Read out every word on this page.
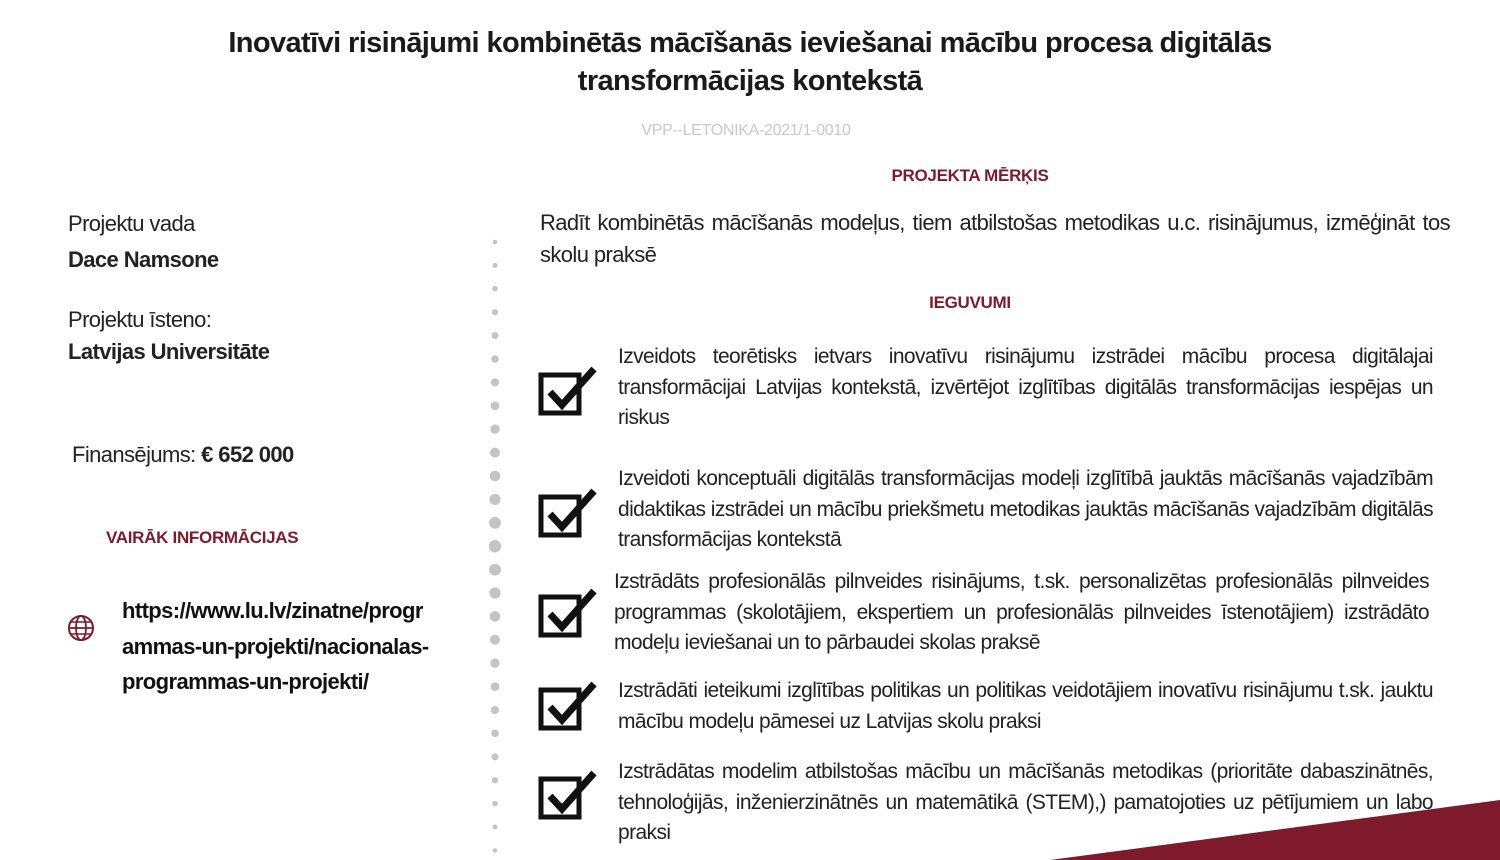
Inovatīvi risinājumi kombinētās mācīšanās ieviešanai mācību procesa digitālās transformācijas kontekstā
VPP--LETONIKA-2021/1-0010
Projektu vada
Dace Namsone
Projektu īsteno:
Latvijas Universitāte
Finansējums: € 652 000
VAIRĀK INFORMĀCIJAS
https://www.lu.lv/zinatne/programmas-un-projekti/nacionalas-programmas-un-projekti/
PROJEKTA MĒRĶIS
Radīt kombinētās mācīšanās modeļus, tiem atbilstošas metodikas u.c. risinājumus, izmēģināt tos skolu praksē
IEGUVUMI
Izveidots teorētisks ietvars inovatīvu risinājumu izstrādei mācību procesa digitālajai transformācijai Latvijas kontekstā, izvērtējot izglītības digitālās transformācijas iespējas un riskus
Izveidoti konceptuāli digitālās transformācijas modeļi izglītībā jauktās mācīšanās vajadzībām didaktikas izstrādei un mācību priekšmetu metodikas jauktās mācīšanās vajadzībām digitālās transformācijas kontekstā
Izstrādāts profesionālās pilnveides risinājums, t.sk. personalizētas profesionālās pilnveides programmas (skolotājiem, ekspertiem un profesionālās pilnveides īstenotājiem) izstrādāto modeļu ieviešanai un to pārbaudei skolas praksē
Izstrādāti ieteikumi izglītības politikas un politikas veidotājiem inovatīvu risinājumu t.sk. jauktu mācību modeļu pāmesei uz Latvijas skolu praksi
Izstrādātas modelim atbilstošas mācību un mācīšanās metodikas (prioritāte dabaszinātnēs, tehnoloģijās, inženierzinātnēs un matemātikā (STEM),) pamatojoties uz pētījumiem un labo praksi
